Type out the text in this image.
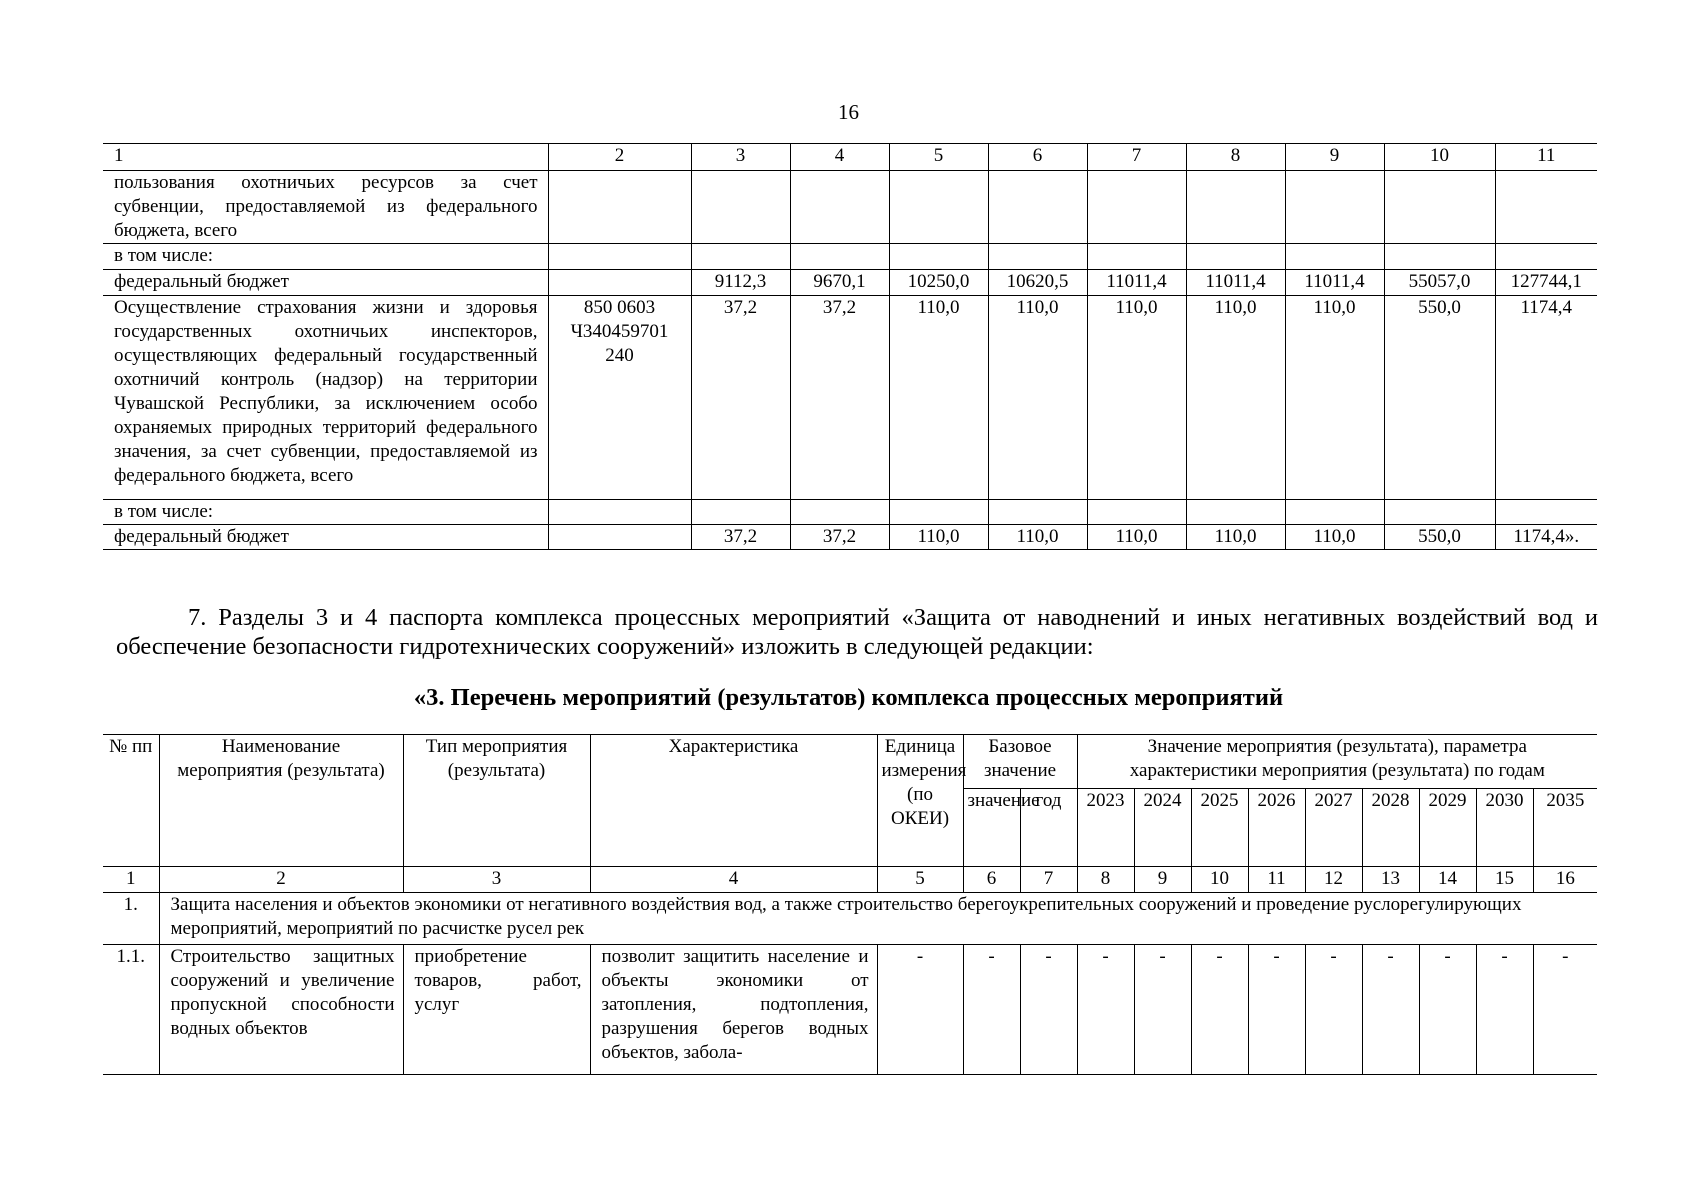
16
1	2	3	4	5	6	7	8	9	10	11
пользования охотничьих ресурсов за счет субвенции, предоставляемой из федерального бюджета, всего										
в том числе:										
федеральный бюджет		9112,3	9670,1	10250,0	10620,5	11011,4	11011,4	11011,4	55057,0	127744,1
Осуществление страхования жизни и здоровья государственных охотничьих инспекторов, осуществляющих федеральный государственный охотничий контроль (надзор) на территории Чувашской Республики, за исключением особо охраняемых природных территорий федерального значения, за счет субвенции, предоставляемой из федерального бюджета, всего	850 0603 Ч340459701 240	37,2	37,2	110,0	110,0	110,0	110,0	110,0	550,0	1174,4
в том числе:										
федеральный бюджет		37,2	37,2	110,0	110,0	110,0	110,0	110,0	550,0	1174,4».
7. Разделы 3 и 4 паспорта комплекса процессных мероприятий «Защита от наводнений и иных негативных воздействий вод и обеспечение безопасности гидротехнических сооружений» изложить в следующей редакции:
«3. Перечень мероприятий (результатов) комплекса процессных мероприятий
№ пп	Наименование мероприятия (результата)	Тип мероприятия (результата)	Характеристика	Единица измерения (по ОКЕИ)	Базовое значение		Значение мероприятия (результата), параметра характеристики мероприятия (результата) по годам								
					значение	год	2023	2024	2025	2026	2027	2028	2029	2030	2035
1	2	3	4	5	6	7	8	9	10	11	12	13	14	15	16
1.	Защита населения и объектов экономики от негативного воздействия вод, а также строительство берегоукрепительных сооружений и проведение руслорегулирующих мероприятий, мероприятий по расчистке русел рек														
1.1.	Строительство защитных сооружений и увеличение пропускной способности водных объектов	приобретение товаров, работ, услуг	позволит защитить население и объекты экономики от затопления, подтопления, разрушения берегов водных объектов, забола-	-	-	-	-	-	-	-	-	-	-	-	-
